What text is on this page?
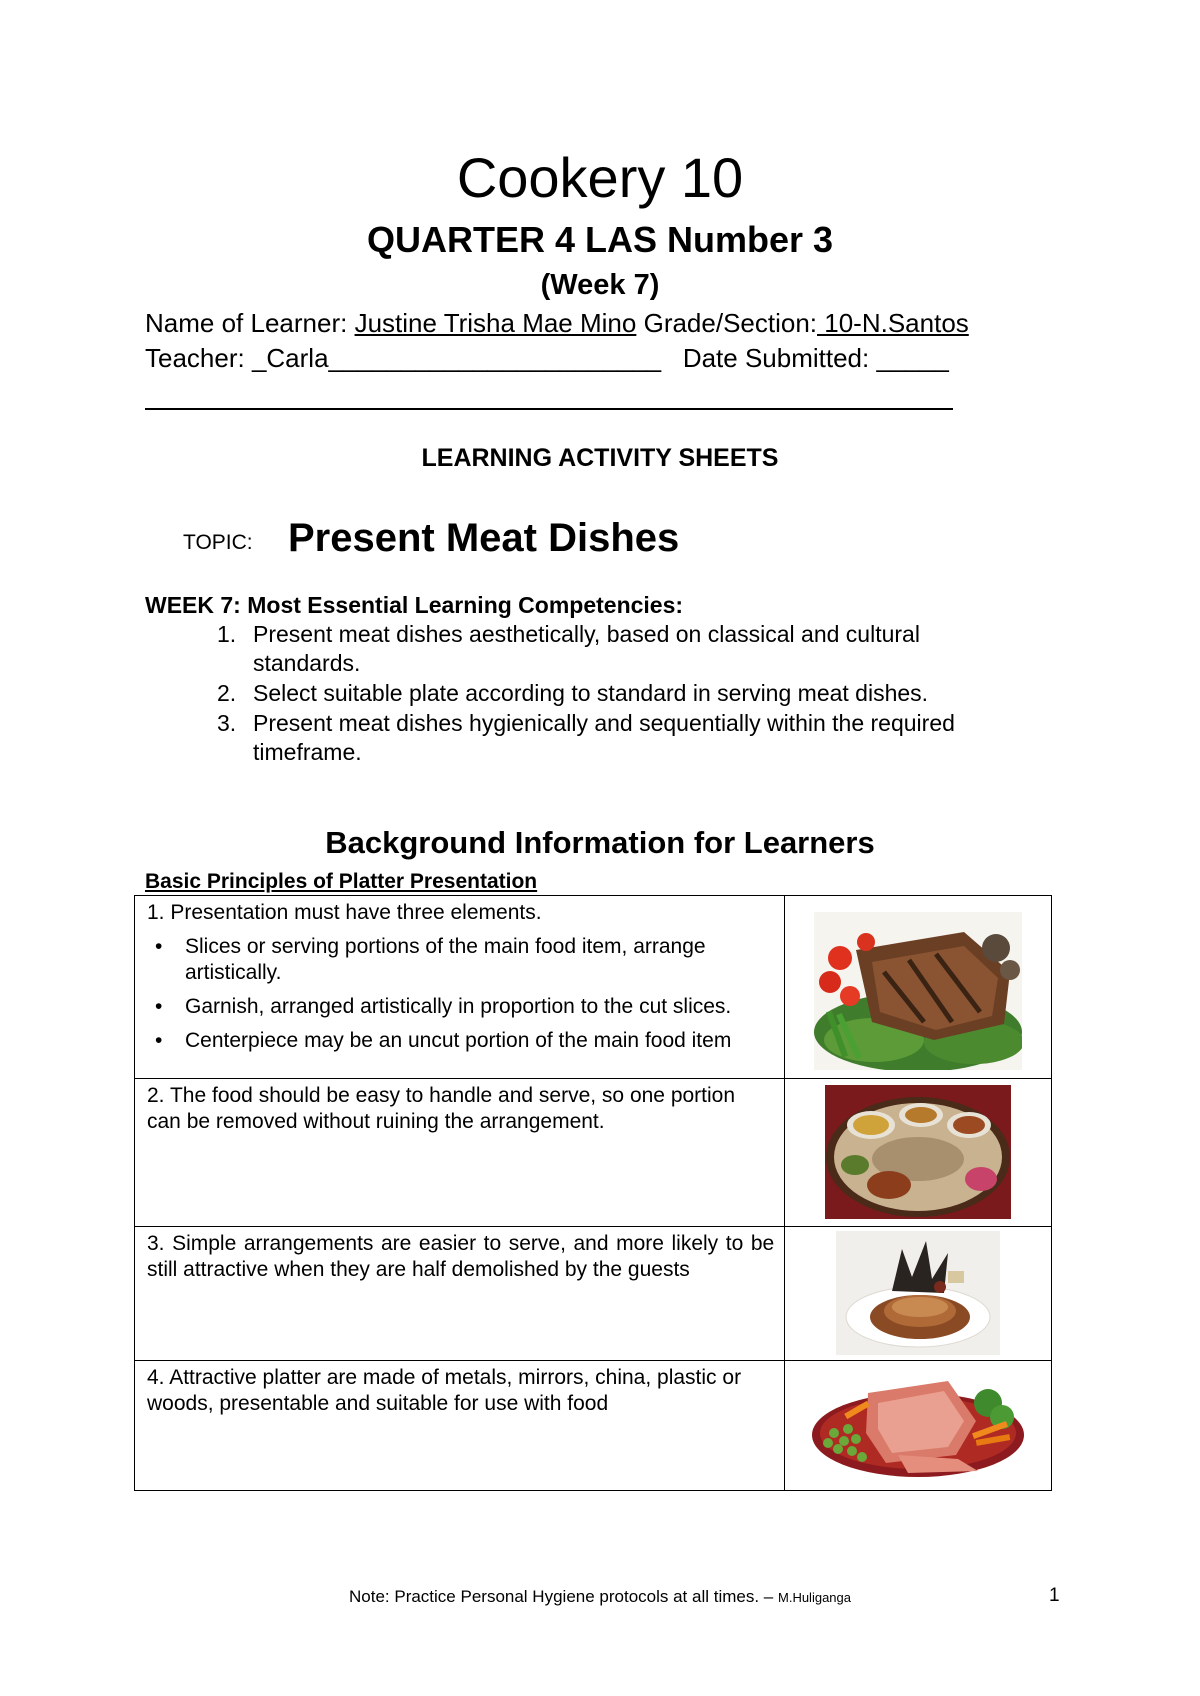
Cookery 10
QUARTER 4 LAS Number 3
(Week 7)
Name of Learner: Justine Trisha Mae Mino Grade/Section: 10-N.Santos
Teacher: _Carla_______________________ Date Submitted: _____
LEARNING ACTIVITY SHEETS
TOPIC: Present Meat Dishes
WEEK 7: Most Essential Learning Competencies:
1. Present meat dishes aesthetically, based on classical and cultural standards.
2. Select suitable plate according to standard in serving meat dishes.
3. Present meat dishes hygienically and sequentially within the required timeframe.
Background Information for Learners
Basic Principles of Platter Presentation
1. Presentation must have three elements.
• Slices or serving portions of the main food item, arrange artistically.
• Garnish, arranged artistically in proportion to the cut slices.
• Centerpiece may be an uncut portion of the main food item

2. The food should be easy to handle and serve, so one portion can be removed without ruining the arrangement.	

3. Simple arrangements are easier to serve, and more likely to be still attractive when they are half demolished by the guests	

4. Attractive platter are made of metals, mirrors, china, plastic or woods, presentable and suitable for use with food	
Note: Practice Personal Hygiene protocols at all times. – M.Huliganga	1
